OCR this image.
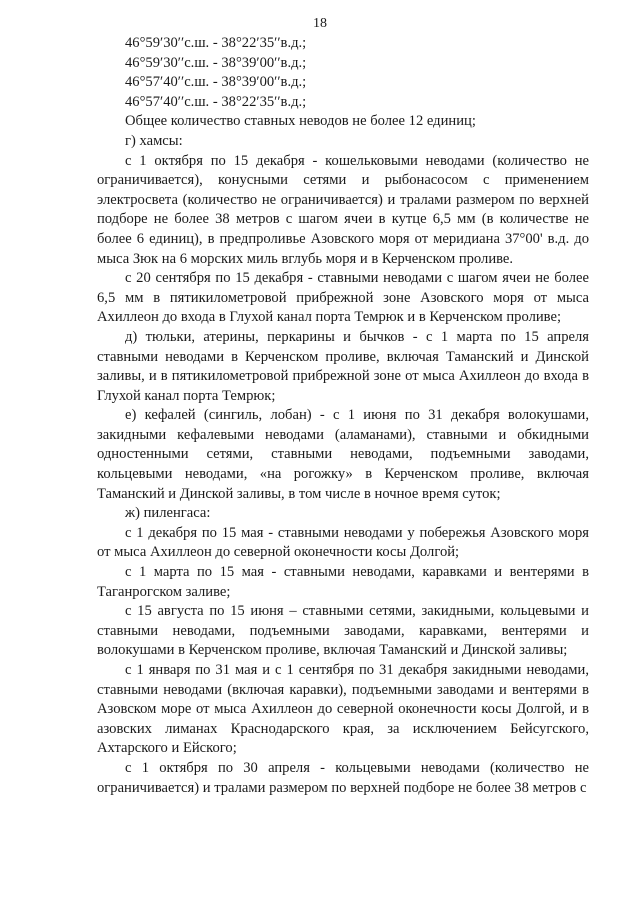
18

46°59′30′′с.ш. - 38°22′35′′в.д.;

46°59′30′′с.ш. - 38°39′00′′в.д.;

46°57′40′′с.ш. - 38°39′00′′в.д.;

46°57′40′′с.ш. - 38°22′35′′в.д.;

Общее количество ставных неводов не более 12 единиц;

г) хамсы:

с 1 октября по 15 декабря - кошельковыми неводами (количество не ограничивается), конусными сетями и рыбонасосом с применением электросвета (количество не ограничивается) и тралами размером по верхней подборе не более 38 метров с шагом ячеи в кутце 6,5 мм (в количестве не более 6 единиц), в предпроливье Азовского моря от меридиана 37°00' в.д. до мыса Зюк на 6 морских миль вглубь моря и в Керченском проливе.

с 20 сентября по 15 декабря - ставными неводами с шагом ячеи не более 6,5 мм в пятикилометровой прибрежной зоне Азовского моря от мыса Ахиллеон до входа в Глухой канал порта Темрюк и в Керченском проливе;

д) тюльки, атерины, перкарины и бычков - с 1 марта по 15 апреля ставными неводами в Керченском проливе, включая Таманский и Динской заливы, и в пятикилометровой прибрежной зоне от мыса Ахиллеон до входа в Глухой канал порта Темрюк;

е) кефалей (сингиль, лобан) - с 1 июня по 31 декабря волокушами, закидными кефалевыми неводами (аламанами), ставными и обкидными одностенными сетями, ставными неводами, подъемными заводами, кольцевыми неводами, «на рогожку» в Керченском проливе, включая Таманский и Динской заливы, в том числе в ночное время суток;

ж) пиленгаса:

с 1 декабря по 15 мая - ставными неводами у побережья Азовского моря от мыса Ахиллеон до северной оконечности косы Долгой;

с 1 марта по 15 мая - ставными неводами, каравками и вентерями в Таганрогском заливе;

с 15 августа по 15 июня – ставными сетями, закидными, кольцевыми и ставными неводами, подъемными заводами, каравками, вентерями и волокушами в Керченском проливе, включая Таманский и Динской заливы;

с 1 января по 31 мая и с 1 сентября по 31 декабря закидными неводами, ставными неводами (включая каравки), подъемными заводами и вентерями в Азовском море от мыса Ахиллеон до северной оконечности косы Долгой, и в азовских лиманах Краснодарского края, за исключением Бейсугского, Ахтарского и Ейского;

с 1 октября по 30 апреля - кольцевыми неводами (количество не ограничивается) и тралами размером по верхней подборе не более 38 метров с
